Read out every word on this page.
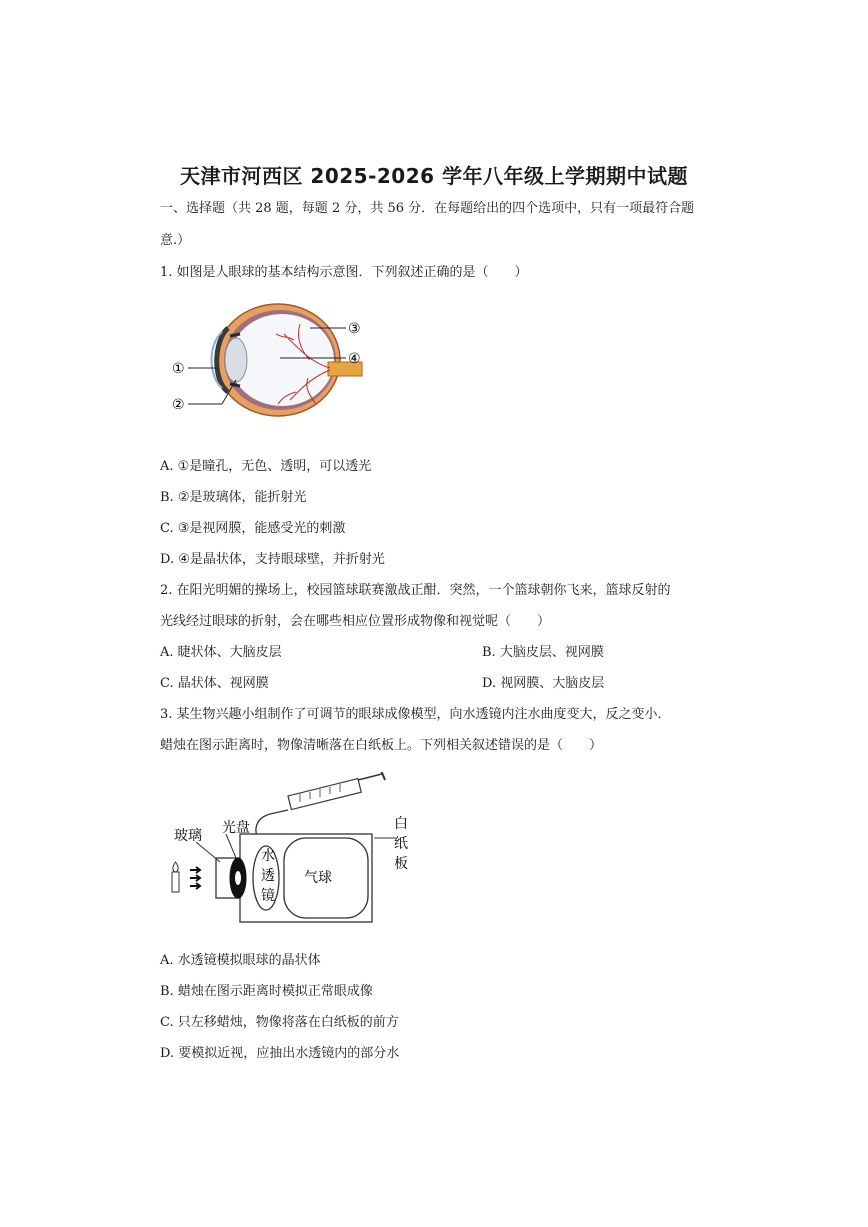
天津市河西区 2025-2026 学年八年级上学期期中试题
一、选择题（共 28 题，每题 2 分，共 56 分．在每题给出的四个选项中，只有一项最符合题
意.）
1. 如图是人眼球的基本结构示意图．下列叙述正确的是（　　）
①
②
③
④
A. ①是瞳孔，无色、透明，可以透光
B. ②是玻璃体，能折射光
C. ③是视网膜，能感受光的刺激
D. ④是晶状体，支持眼球壁，并折射光
2. 在阳光明媚的操场上，校园篮球联赛激战正酣．突然，一个篮球朝你飞来，篮球反射的
光线经过眼球的折射，会在哪些相应位置形成物像和视觉呢（　　）
A. 睫状体、大脑皮层	B. 大脑皮层、视网膜
C. 晶状体、视网膜	D. 视网膜、大脑皮层
3. 某生物兴趣小组制作了可调节的眼球成像模型，向水透镜内注水曲度变大，反之变小．
蜡烛在图示距离时，物像清晰落在白纸板上。下列相关叙述错误的是（　　）
玻璃 光盘
水
透
镜
气球
白
纸
板
A. 水透镜模拟眼球的晶状体
B. 蜡烛在图示距离时模拟正常眼成像
C. 只左移蜡烛，物像将落在白纸板的前方
D. 要模拟近视，应抽出水透镜内的部分水
